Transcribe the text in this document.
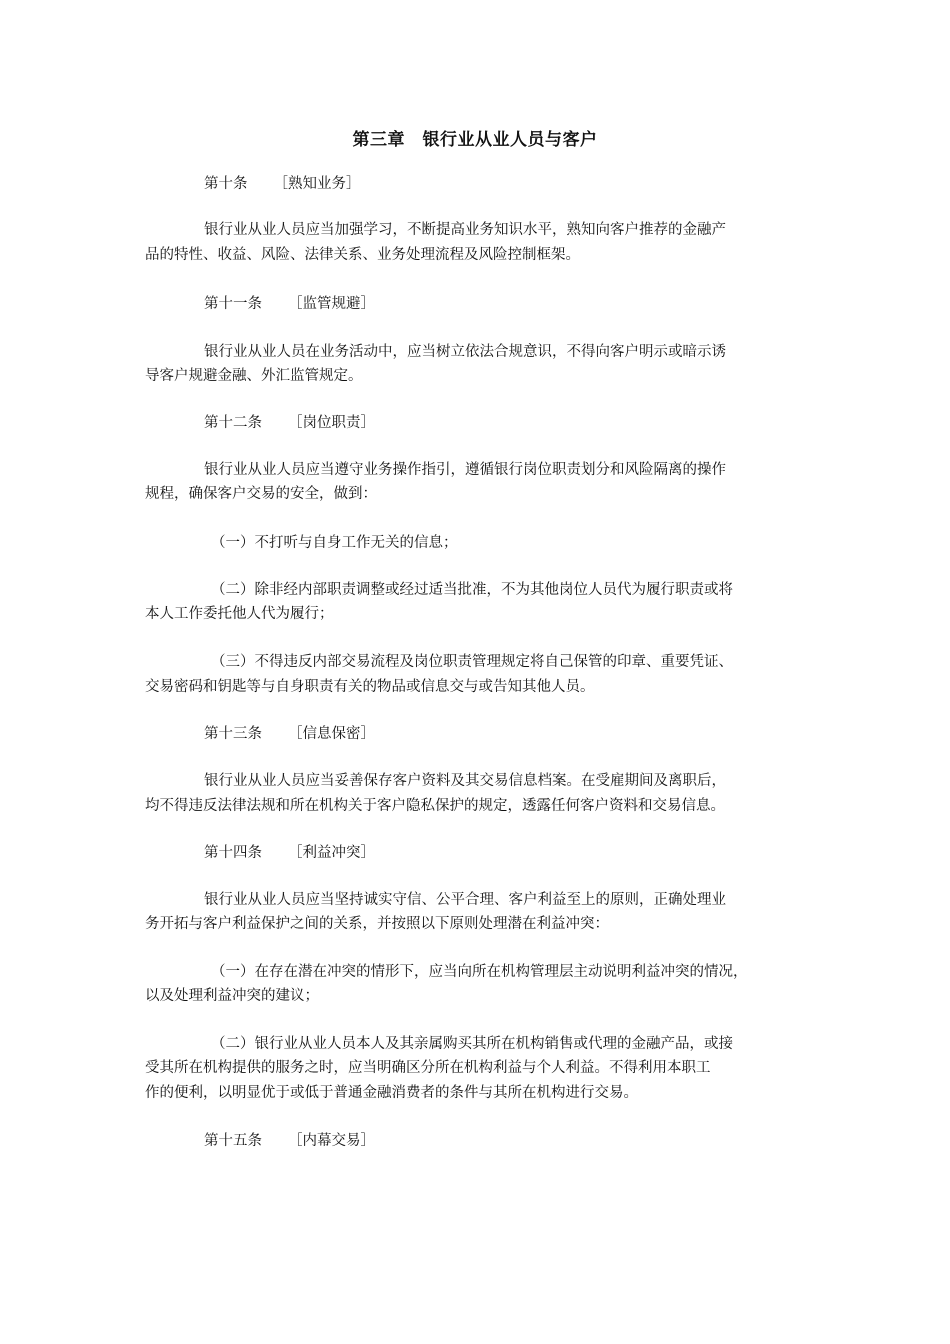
第三章　银行业从业人员与客户

第十条 ［熟知业务］

银行业从业人员应当加强学习，不断提高业务知识水平，熟知向客户推荐的金融产

品的特性、收益、风险、法律关系、业务处理流程及风险控制框架。

第十一条 ［监管规避］

银行业从业人员在业务活动中，应当树立依法合规意识，不得向客户明示或暗示诱

导客户规避金融、外汇监管规定。

第十二条 ［岗位职责］

银行业从业人员应当遵守业务操作指引，遵循银行岗位职责划分和风险隔离的操作

规程，确保客户交易的安全，做到：

（一）不打听与自身工作无关的信息；

（二）除非经内部职责调整或经过适当批准，不为其他岗位人员代为履行职责或将

本人工作委托他人代为履行；

（三）不得违反内部交易流程及岗位职责管理规定将自己保管的印章、重要凭证、

交易密码和钥匙等与自身职责有关的物品或信息交与或告知其他人员。

第十三条 ［信息保密］

银行业从业人员应当妥善保存客户资料及其交易信息档案。在受雇期间及离职后，

均不得违反法律法规和所在机构关于客户隐私保护的规定，透露任何客户资料和交易信息。

第十四条 ［利益冲突］

银行业从业人员应当坚持诚实守信、公平合理、客户利益至上的原则，正确处理业

务开拓与客户利益保护之间的关系，并按照以下原则处理潜在利益冲突：

（一）在存在潜在冲突的情形下，应当向所在机构管理层主动说明利益冲突的情况，

以及处理利益冲突的建议；

（二）银行业从业人员本人及其亲属购买其所在机构销售或代理的金融产品，或接

受其所在机构提供的服务之时，应当明确区分所在机构利益与个人利益。不得利用本职工

作的便利，以明显优于或低于普通金融消费者的条件与其所在机构进行交易。

第十五条 ［内幕交易］
